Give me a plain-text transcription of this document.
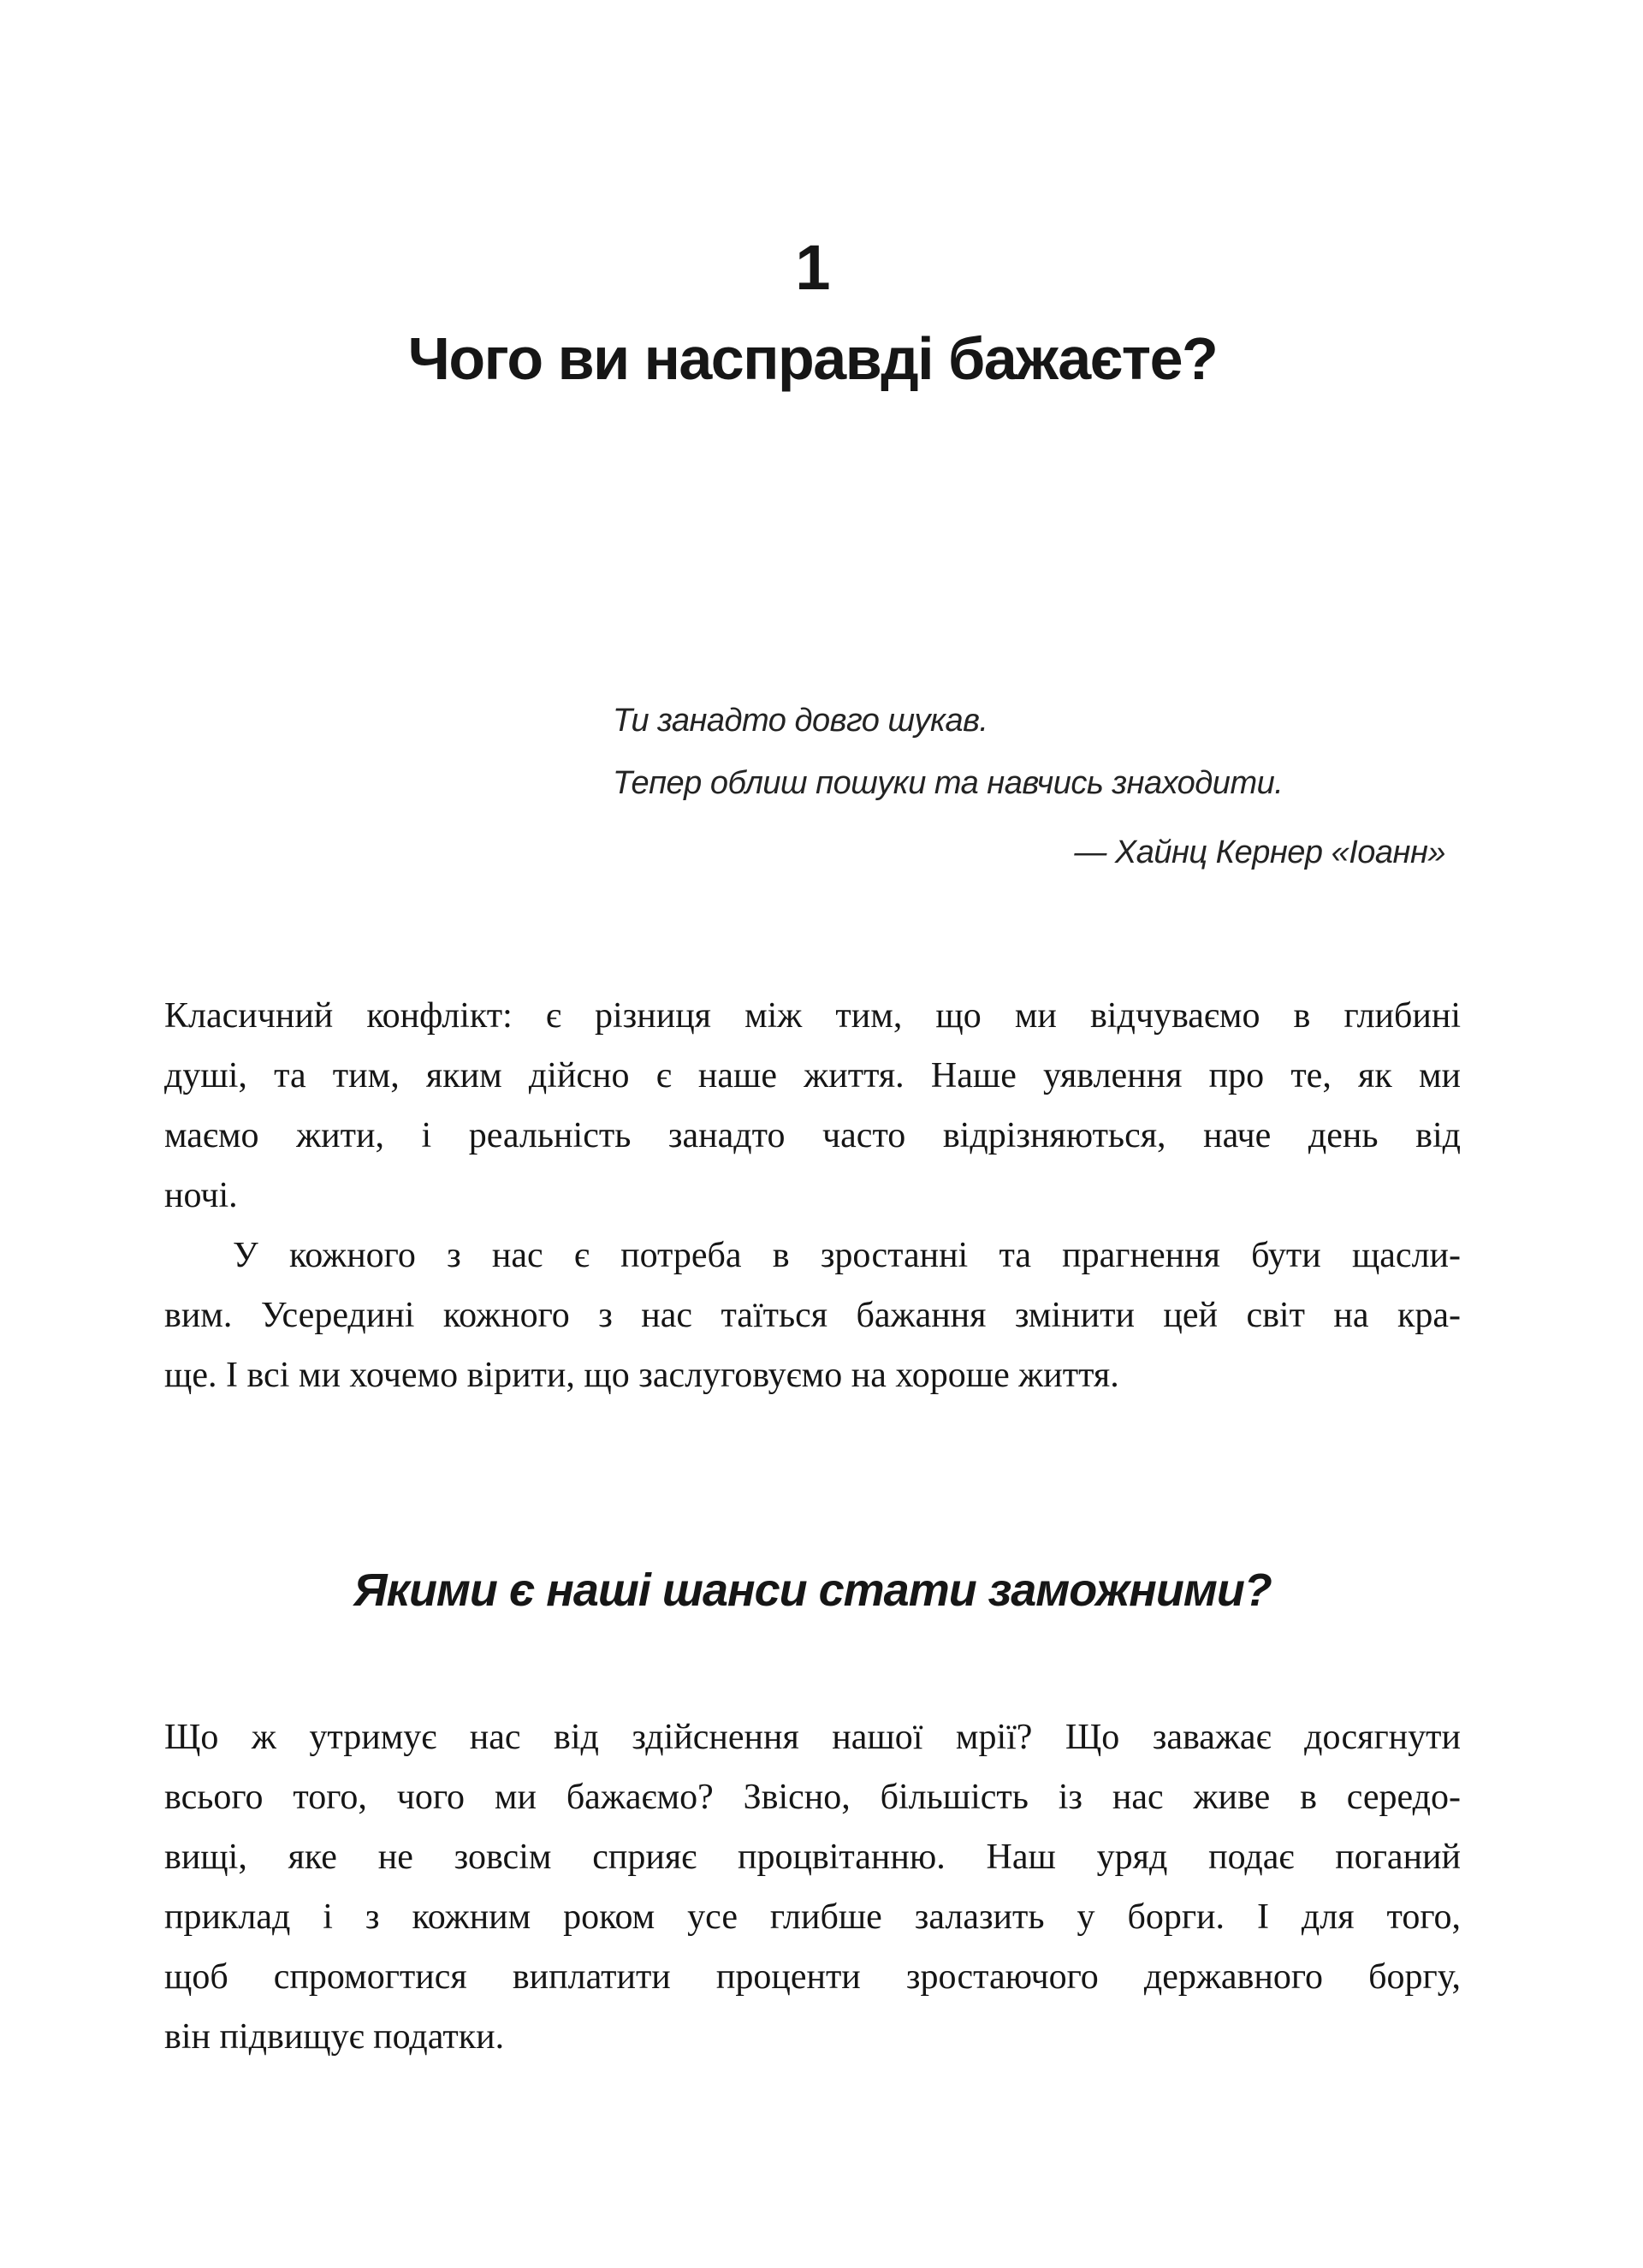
1
Чого ви насправді бажаєте?
Ти занадто довго шукав.
Тепер облиш пошуки та навчись знаходити.
— Хайнц Кернер «Іоанн»
Класичний конфлікт: є різниця між тим, що ми відчуваємо в глибині
душі, та тим, яким дійсно є наше життя. Наше уявлення про те, як ми
маємо жити, і реальність занадто часто відрізняються, наче день від
ночі.
У кожного з нас є потреба в зростанні та прагнення бути щасли-
вим. Усередині кожного з нас таїться бажання змінити цей світ на кра-
ще. І всі ми хочемо вірити, що заслуговуємо на хороше життя.
Якими є наші шанси стати заможними?
Що ж утримує нас від здійснення нашої мрії? Що заважає досягнути
всього того, чого ми бажаємо? Звісно, більшість із нас живе в середо-
вищі, яке не зовсім сприяє процвітанню. Наш уряд подає поганий
приклад і з кожним роком усе глибше залазить у борги. І для того,
щоб спромогтися виплатити проценти зростаючого державного боргу,
він підвищує податки.
